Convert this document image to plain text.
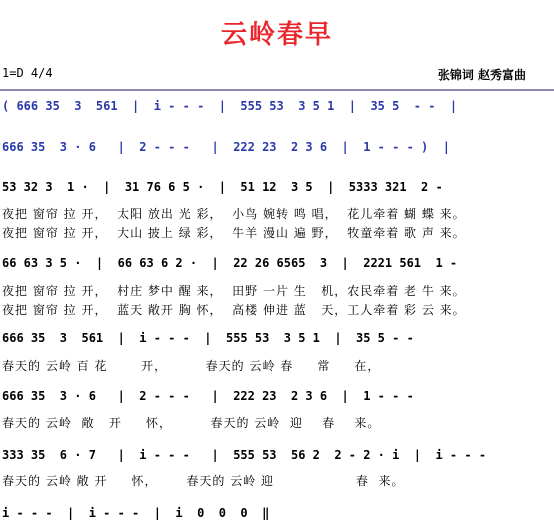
云岭春早
1=D 4/4	张锦词 赵秀富曲
( 666 35  3  561  |  i - - -  |  555 53  3 5 1  |  35 5  - -  |
666 35  3 · 6   |  2 - - -   |  222 23  2 3 6  |  1 - - - )  |
53 32 3  1 ·  |  31 76 6 5 ·  |  51 12  3 5  |  5333 321  2 -
夜把 窗帘 拉 开，  太阳 放出 光 彩，  小鸟 婉转 鸣 唱，  花儿牵着 蝴 蝶 来。
夜把 窗帘 拉 开，  大山 披上 绿 彩，  牛羊 漫山 遍 野，  牧童牵着 歌 声 来。
66 63 3 5 ·  |  66 63 6 2 ·  |  22 26 6565  3  |  2221 561  1 -
夜把 窗帘 拉 开，  村庄 梦中 醒 来，  田野 一片 生   机，农民牵着 老 牛 来。
夜把 窗帘 拉 开，  蓝天 敞开 胸 怀，  高楼 伸进 蓝   天，工人牵着 彩 云 来。
666 35  3  561  |  i - - -  |  555 53  3 5 1  |  35 5 - -
春天的 云岭 百 花       开，        春天的 云岭 春     常     在，
666 35  3 · 6   |  2 - - -   |  222 23  2 3 6  |  1 - - -
春天的 云岭  敞   开     怀，        春天的 云岭  迎    春    来。
333 35  6 · 7   |  i - - -   |  555 53  56 2  2 - 2 · i  |  i - - -
春天的 云岭 敞 开     怀，      春天的 云岭 迎                 春  来。
i - - -  |  i - - -  |  i  0  0  0  ‖
